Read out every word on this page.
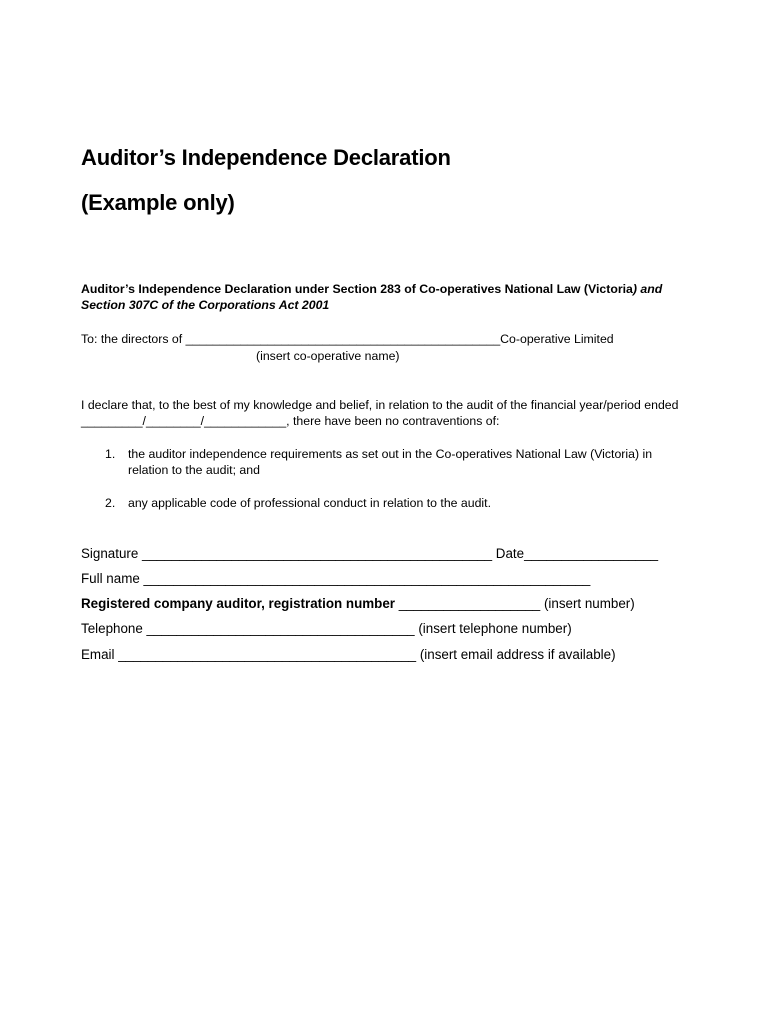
Auditor’s Independence Declaration
(Example only)
Auditor’s Independence Declaration under Section 283 of Co-operatives National Law (Victoria) and Section 307C of the Corporations Act 2001
To: the directors of ______________________________________________Co-operative Limited
(insert co-operative name)
I declare that, to the best of my knowledge and belief, in relation to the audit of the financial year/period ended _________/________/____________, there have been no contraventions of:
1. the auditor independence requirements as set out in the Co-operatives National Law (Victoria) in relation to the audit; and
2. any applicable code of professional conduct in relation to the audit.
Signature _______________________________________________ Date__________________
Full name ____________________________________________________________
Registered company auditor, registration number ___________________ (insert number)
Telephone ____________________________________ (insert telephone number)
Email ________________________________________ (insert email address if available)
